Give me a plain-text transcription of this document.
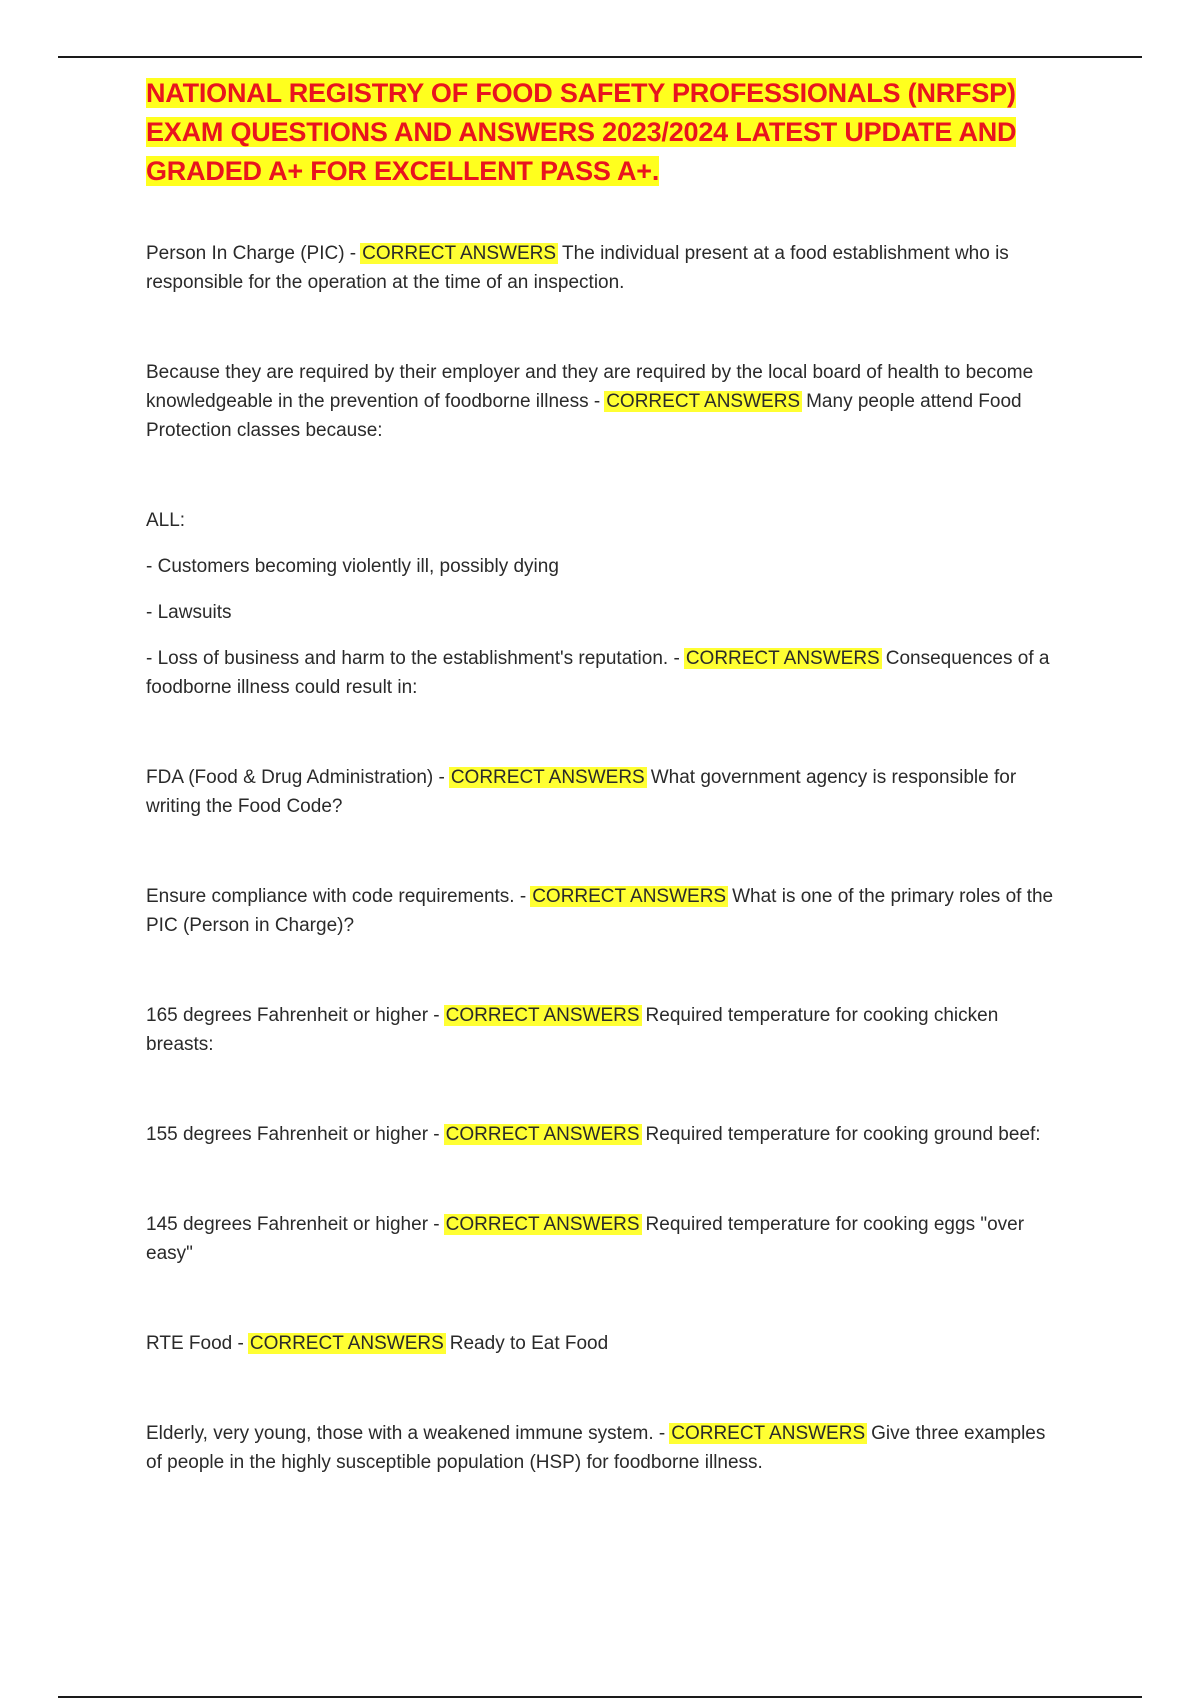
NATIONAL REGISTRY OF FOOD SAFETY PROFESSIONALS (NRFSP) EXAM QUESTIONS AND ANSWERS 2023/2024 LATEST UPDATE AND GRADED A+ FOR EXCELLENT PASS A+.

Person In Charge (PIC) - CORRECT ANSWERS The individual present at a food establishment who is responsible for the operation at the time of an inspection.

Because they are required by their employer and they are required by the local board of health to become knowledgeable in the prevention of foodborne illness - CORRECT ANSWERS Many people attend Food Protection classes because:

ALL:

- Customers becoming violently ill, possibly dying

- Lawsuits

- Loss of business and harm to the establishment's reputation. - CORRECT ANSWERS Consequences of a foodborne illness could result in:

FDA (Food & Drug Administration) - CORRECT ANSWERS What government agency is responsible for writing the Food Code?

Ensure compliance with code requirements. - CORRECT ANSWERS What is one of the primary roles of the PIC (Person in Charge)?

165 degrees Fahrenheit or higher - CORRECT ANSWERS Required temperature for cooking chicken breasts:

155 degrees Fahrenheit or higher - CORRECT ANSWERS Required temperature for cooking ground beef:

145 degrees Fahrenheit or higher - CORRECT ANSWERS Required temperature for cooking eggs "over easy"

RTE Food - CORRECT ANSWERS Ready to Eat Food

Elderly, very young, those with a weakened immune system. - CORRECT ANSWERS Give three examples of people in the highly susceptible population (HSP) for foodborne illness.
